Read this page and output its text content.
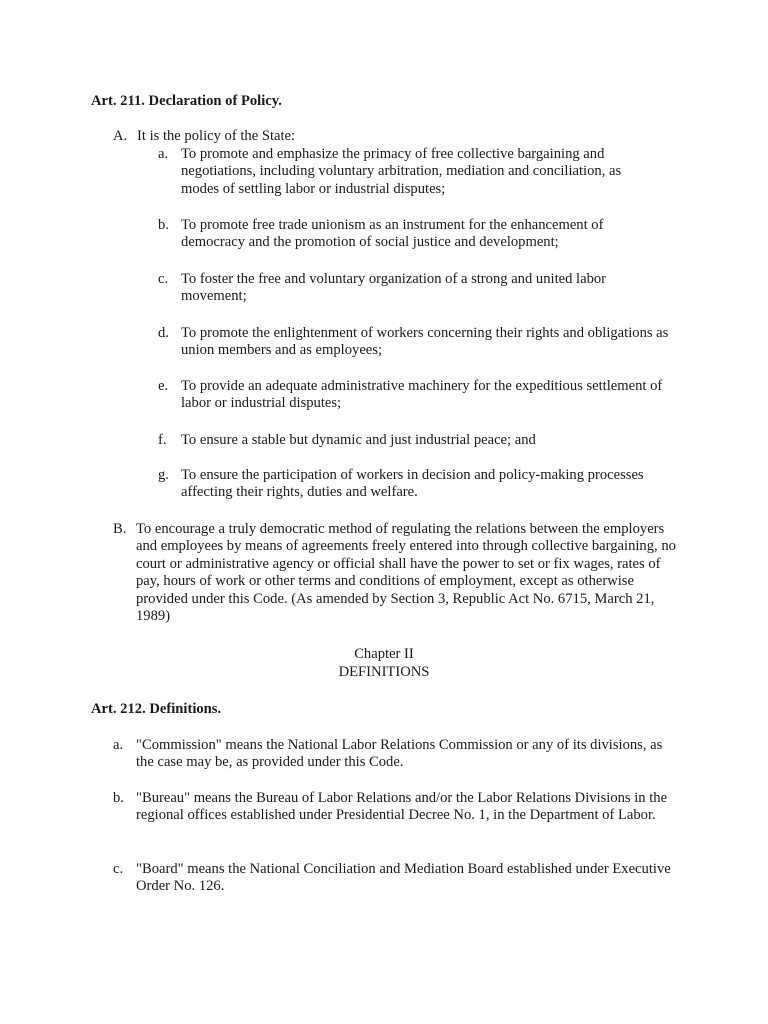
Art. 211. Declaration of Policy.
A. It is the policy of the State:
a. To promote and emphasize the primacy of free collective bargaining and negotiations, including voluntary arbitration, mediation and conciliation, as modes of settling labor or industrial disputes;
b. To promote free trade unionism as an instrument for the enhancement of democracy and the promotion of social justice and development;
c. To foster the free and voluntary organization of a strong and united labor movement;
d. To promote the enlightenment of workers concerning their rights and obligations as union members and as employees;
e. To provide an adequate administrative machinery for the expeditious settlement of labor or industrial disputes;
f. To ensure a stable but dynamic and just industrial peace; and
g. To ensure the participation of workers in decision and policy-making processes affecting their rights, duties and welfare.
B. To encourage a truly democratic method of regulating the relations between the employers and employees by means of agreements freely entered into through collective bargaining, no court or administrative agency or official shall have the power to set or fix wages, rates of pay, hours of work or other terms and conditions of employment, except as otherwise provided under this Code. (As amended by Section 3, Republic Act No. 6715, March 21, 1989)
Chapter II
DEFINITIONS
Art. 212. Definitions.
a. "Commission" means the National Labor Relations Commission or any of its divisions, as the case may be, as provided under this Code.
b. "Bureau" means the Bureau of Labor Relations and/or the Labor Relations Divisions in the regional offices established under Presidential Decree No. 1, in the Department of Labor.
c. "Board" means the National Conciliation and Mediation Board established under Executive Order No. 126.
